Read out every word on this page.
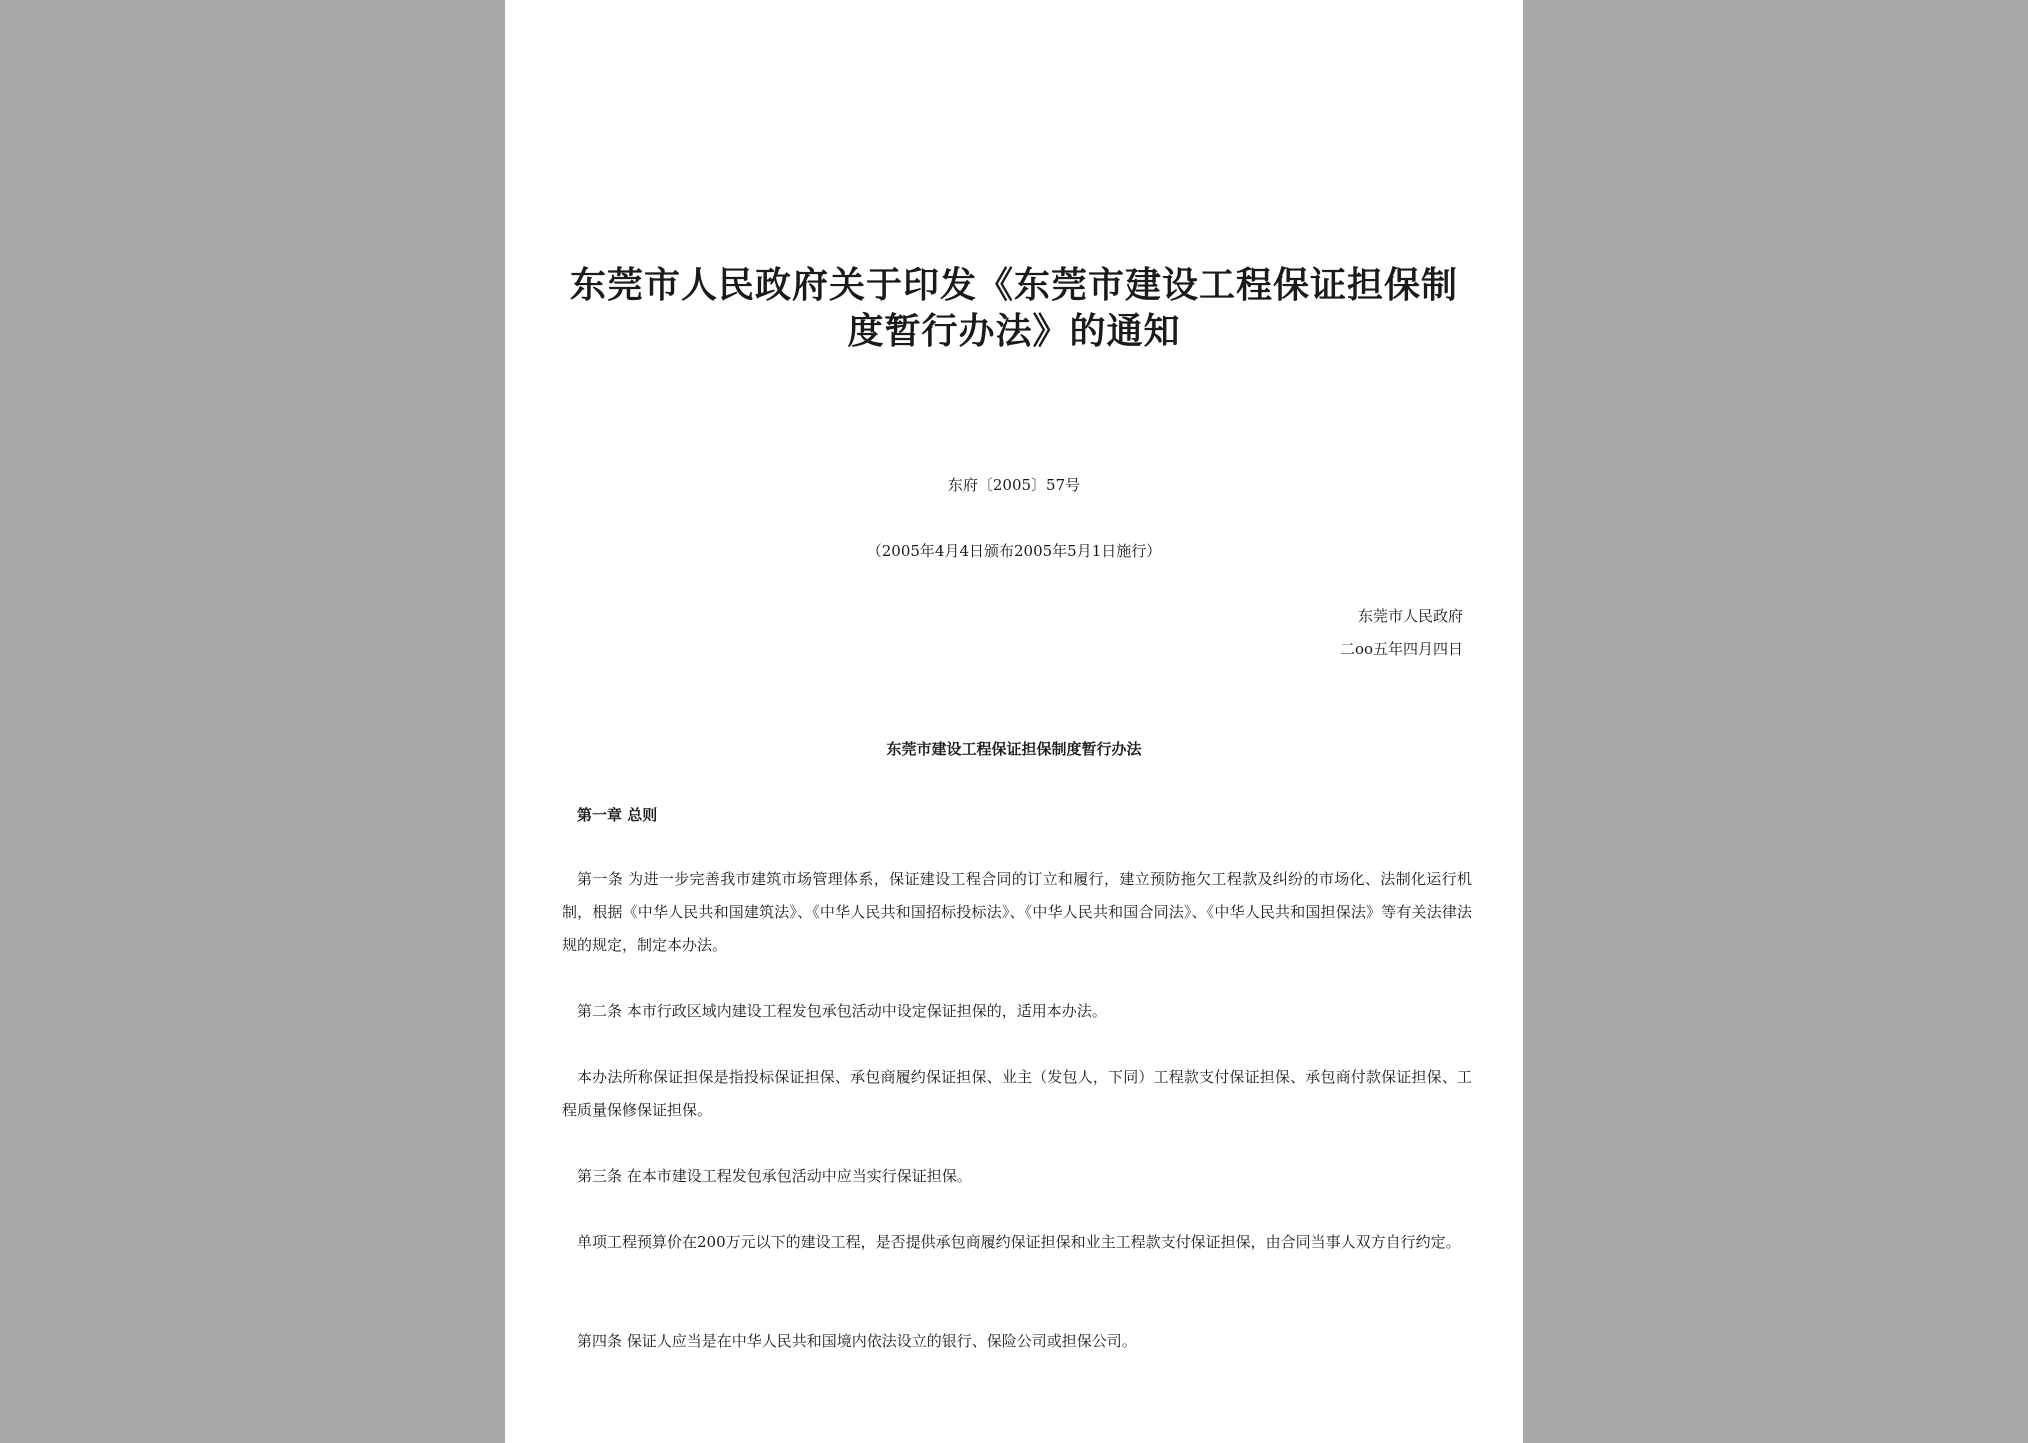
东莞市人民政府关于印发《东莞市建设工程保证担保制
度暂行办法》的通知
东府〔2005〕57号
（2005年4月4日颁布2005年5月1日施行）
东莞市人民政府
二oo五年四月四日
东莞市建设工程保证担保制度暂行办法
第一章 总则
第一条 为进一步完善我市建筑市场管理体系，保证建设工程合同的订立和履行，建立预防拖欠工程款及纠纷的市场化、法制化运行机制，根据《中华人民共和国建筑法》、《中华人民共和国招标投标法》、《中华人民共和国合同法》、《中华人民共和国担保法》等有关法律法规的规定，制定本办法。
第二条 本市行政区域内建设工程发包承包活动中设定保证担保的，适用本办法。
本办法所称保证担保是指投标保证担保、承包商履约保证担保、业主（发包人，下同）工程款支付保证担保、承包商付款保证担保、工程质量保修保证担保。
第三条 在本市建设工程发包承包活动中应当实行保证担保。
单项工程预算价在200万元以下的建设工程，是否提供承包商履约保证担保和业主工程款支付保证担保，由合同当事人双方自行约定。
第四条 保证人应当是在中华人民共和国境内依法设立的银行、保险公司或担保公司。
